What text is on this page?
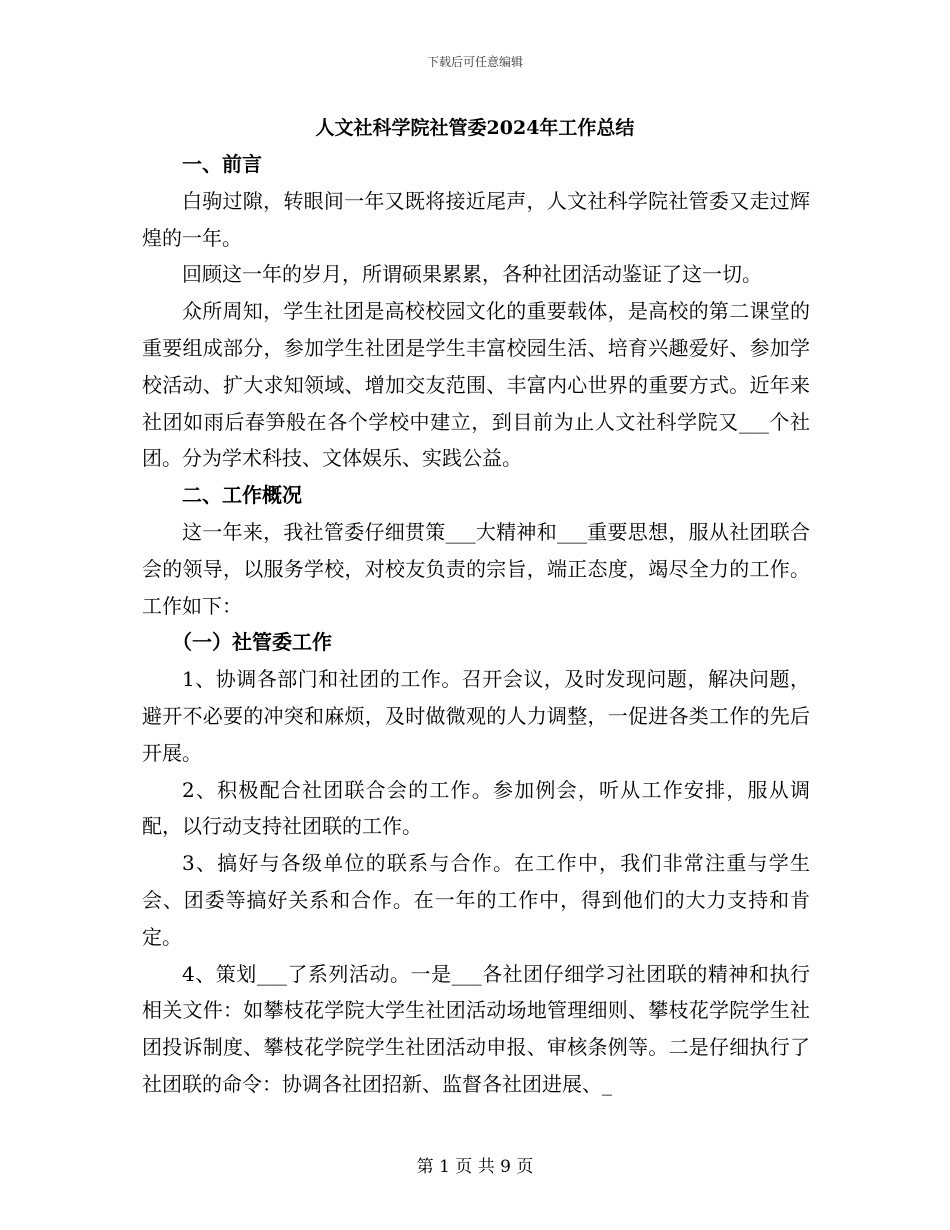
下载后可任意编辑
人文社科学院社管委2024年工作总结
一、前言

白驹过隙，转眼间一年又既将接近尾声，人文社科学院社管委又走过辉煌的一年。

回顾这一年的岁月，所谓硕果累累，各种社团活动鉴证了这一切。

众所周知，学生社团是高校校园文化的重要载体，是高校的第二课堂的重要组成部分，参加学生社团是学生丰富校园生活、培育兴趣爱好、参加学校活动、扩大求知领域、增加交友范围、丰富内心世界的重要方式。近年来社团如雨后春笋般在各个学校中建立，到目前为止人文社科学院又___个社团。分为学术科技、文体娱乐、实践公益。

二、工作概况

这一年来，我社管委仔细贯策___大精神和___重要思想，服从社团联合会的领导，以服务学校，对校友负责的宗旨，端正态度，竭尽全力的工作。工作如下：

（一）社管委工作

1、协调各部门和社团的工作。召开会议，及时发现问题，解决问题，避开不必要的冲突和麻烦，及时做微观的人力调整，一促进各类工作的先后开展。

2、积极配合社团联合会的工作。参加例会，听从工作安排，服从调配，以行动支持社团联的工作。

3、搞好与各级单位的联系与合作。在工作中，我们非常注重与学生会、团委等搞好关系和合作。在一年的工作中，得到他们的大力支持和肯定。

4、策划___了系列活动。一是___各社团仔细学习社团联的精神和执行相关文件：如攀枝花学院大学生社团活动场地管理细则、攀枝花学院学生社团投诉制度、攀枝花学院学生社团活动申报、审核条例等。二是仔细执行了社团联的命令：协调各社团招新、监督各社团进展、_

第 1 页 共 9 页
